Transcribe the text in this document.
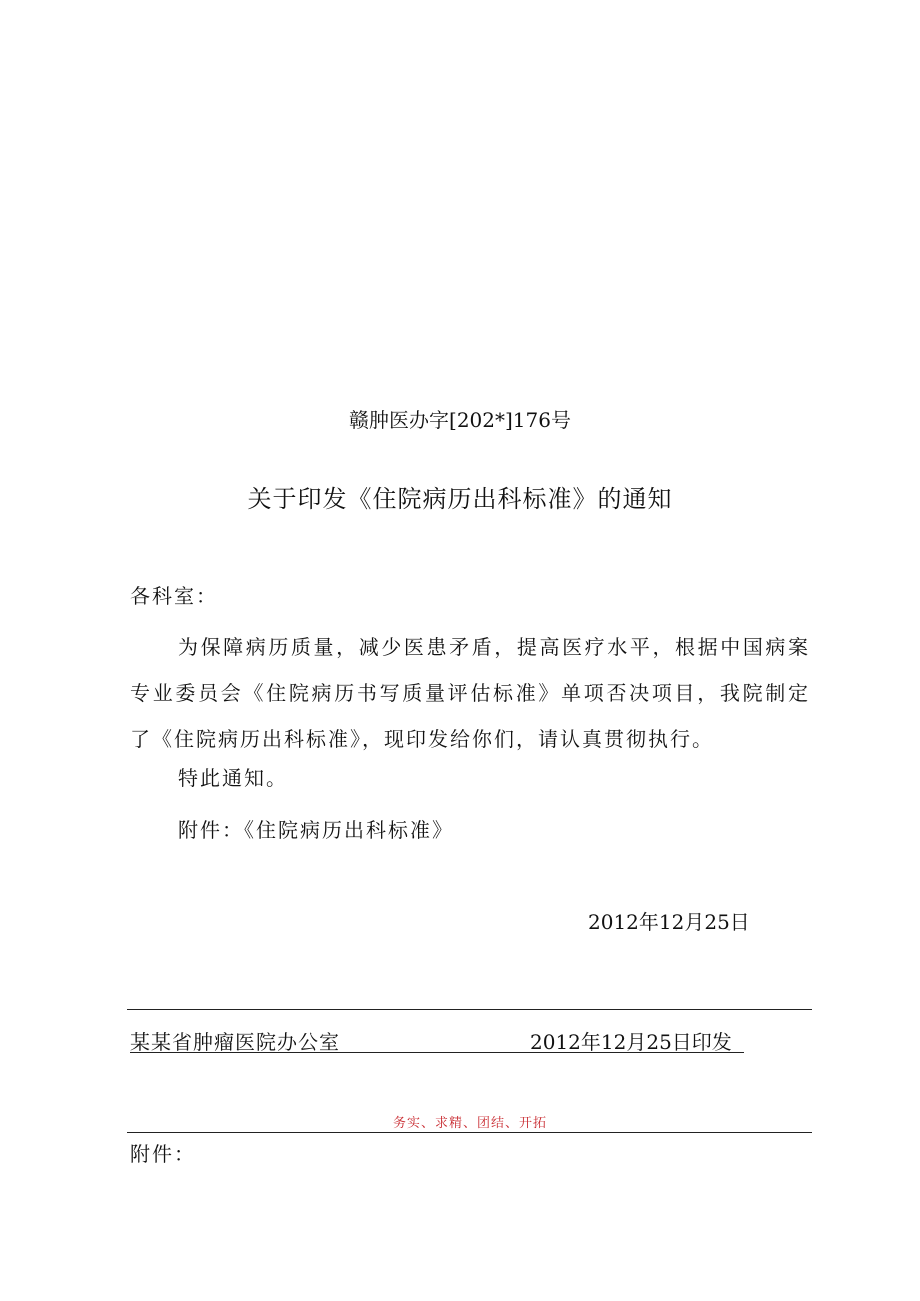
赣肿医办字[202*]176号
关于印发《住院病历出科标准》的通知
各科室：
为保障病历质量，减少医患矛盾，提高医疗水平，根据中国病案专业委员会《住院病历书写质量评估标准》单项否决项目，我院制定了《住院病历出科标准》，现印发给你们，请认真贯彻执行。
特此通知。
附件：《住院病历出科标准》
2012年12月25日
某某省肿瘤医院办公室	2012年12月25日印发
务实、求精、团结、开拓
附件：
